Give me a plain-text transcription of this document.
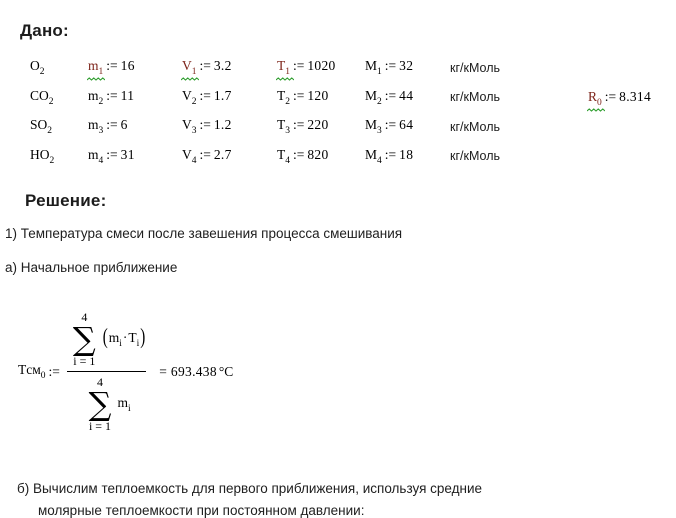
Дано:
$O_2$	$m_1$ := 16	$V_1$ := 3.2	$T_1$ := 1020	$M_1$ := 32	кг/кМоль
$CO_2$	$m_2$ := 11	$V_2$ := 1.7	$T_2$ := 120	$M_2$ := 44	кг/кМоль
$SO_2$	$m_3$ := 6	$V_3$ := 1.2	$T_3$ := 220	$M_3$ := 64	кг/кМоль
$HO_2$	$m_4$ := 31	$V_4$ := 2.7	$T_4$ := 820	$M_4$ := 18	кг/кМоль
$R_0$ := 8.314
Решение:
1) Температура смеси после завешения процесса смешивания
а) Начальное приближение
Tсм$_0$ := 4
∑
i = 1
$(m_i\cdot T_i)$
4
∑
i = 1
$m_i = 693.438$ °C
б) Вычислим теплоемкость для первого приближения, используя средние
молярные теплоемкости при постоянном давлении:
